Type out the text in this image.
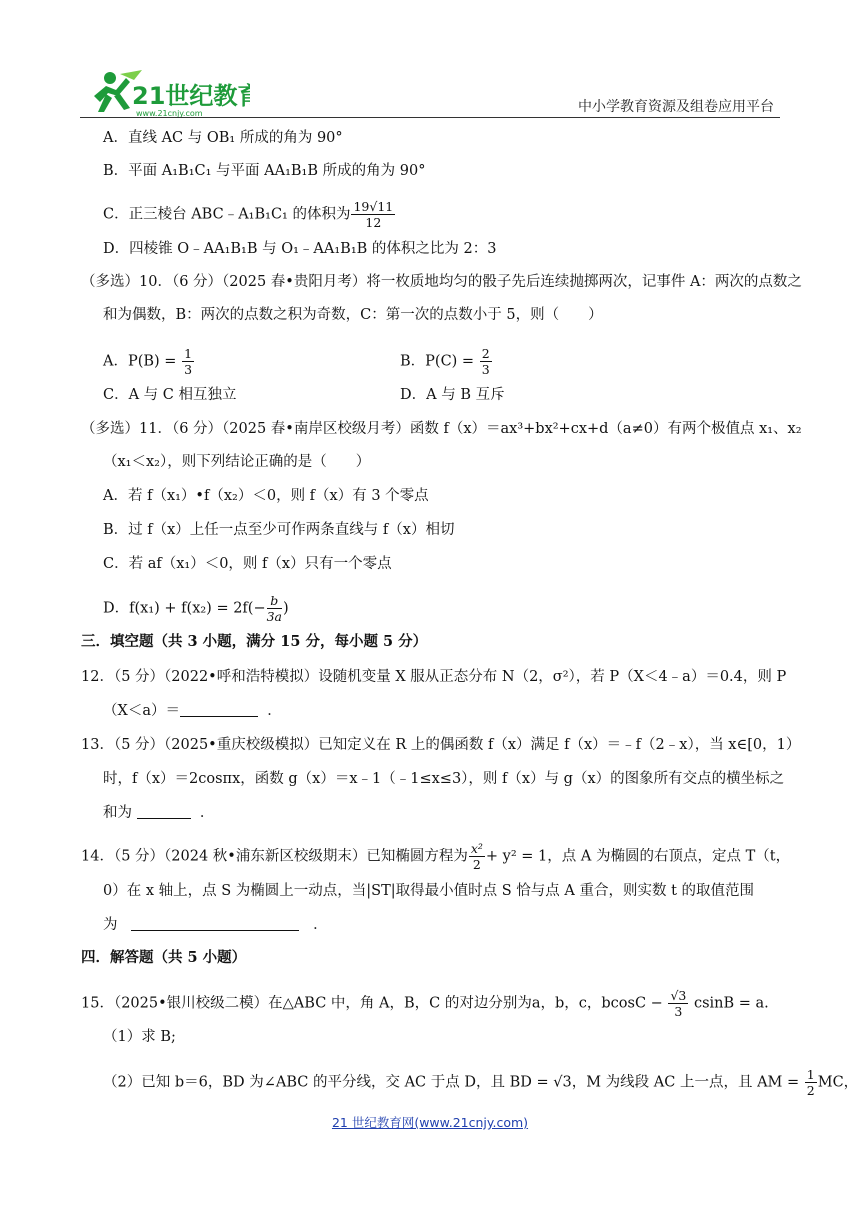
21世纪教育
www.21cnjy.com	中小学教育资源及组卷应用平台
A．直线 AC 与 OB₁ 所成的角为 90°
B．平面 A₁B₁C₁ 与平面 AA₁B₁B 所成的角为 90°
C．正三棱台 ABC﹣A₁B₁C₁ 的体积为 $\frac{19√11}{12}$
D．四棱锥 O﹣AA₁B₁B 与 O₁﹣AA₁B₁B 的体积之比为 2：3
（多选）10．（6 分）（2025 春•贵阳月考）将一枚质地均匀的骰子先后连续抛掷两次，记事件 A：两次的点数之
和为偶数，B：两次的点数之积为奇数，C：第一次的点数小于 5，则（　　）
A．$P(B) = \frac{1}{3}$	B．$P(C) = \frac{2}{3}$
C．A 与 C 相互独立	D．A 与 B 互斥
（多选）11．（6 分）（2025 春•南岸区校级月考）函数 f（x）＝ax³+bx²+cx+d（a≠0）有两个极值点 x₁、x₂
（x₁＜x₂），则下列结论正确的是（　　）
A．若 f（x₁）•f（x₂）＜0，则 f（x）有 3 个零点
B．过 f（x）上任一点至少可作两条直线与 f（x）相切
C．若 af（x₁）＜0，则 f（x）只有一个零点
D．$f(x_1) + f(x_2) = 2f(- \frac{b}{3a}$ )
三．填空题（共 3 小题，满分 15 分，每小题 5 分）
12．（5 分）（2022•呼和浩特模拟）设随机变量 X 服从正态分布 N（2，σ²），若 P（X＜4﹣a）＝0.4，则 P
（X＜a）＝	．
13．（5 分）（2025•重庆校级模拟）已知定义在 R 上的偶函数 f（x）满足 f（x）＝﹣f（2﹣x），当 x∈[0，1）
时，f（x）＝2cosπx，函数 g（x）＝x﹣1（﹣1≤x≤3），则 f（x）与 g（x）的图象所有交点的横坐标之
和为	．
14．（5 分）（2024 秋•浦东新区校级期末）已知椭圆方程为 $\frac{\text{x²}}{2} + y^2 = 1$，点 A 为椭圆的右顶点，定点 T（t，
0）在 x 轴上，点 S 为椭圆上一动点，当|ST|取得最小值时点 S 恰与点 A 重合，则实数 t 的取值范围
为	．
四．解答题（共 5 小题）
15．（2025•银川校级二模）在△ABC 中，角 A，B，C 的对边分别为a，b，c，$bcosC - \frac{√3}{3}$ csinB = a.
（1）求 B;
（2）已知 b＝6，BD 为∠ABC 的平分线，交 AC 于点 D，且 BD = √3，M 为线段 AC 上一点，且 AM = $\frac{1}{2}$ MC，
21 世纪教育网(www.21cnjy.com)
